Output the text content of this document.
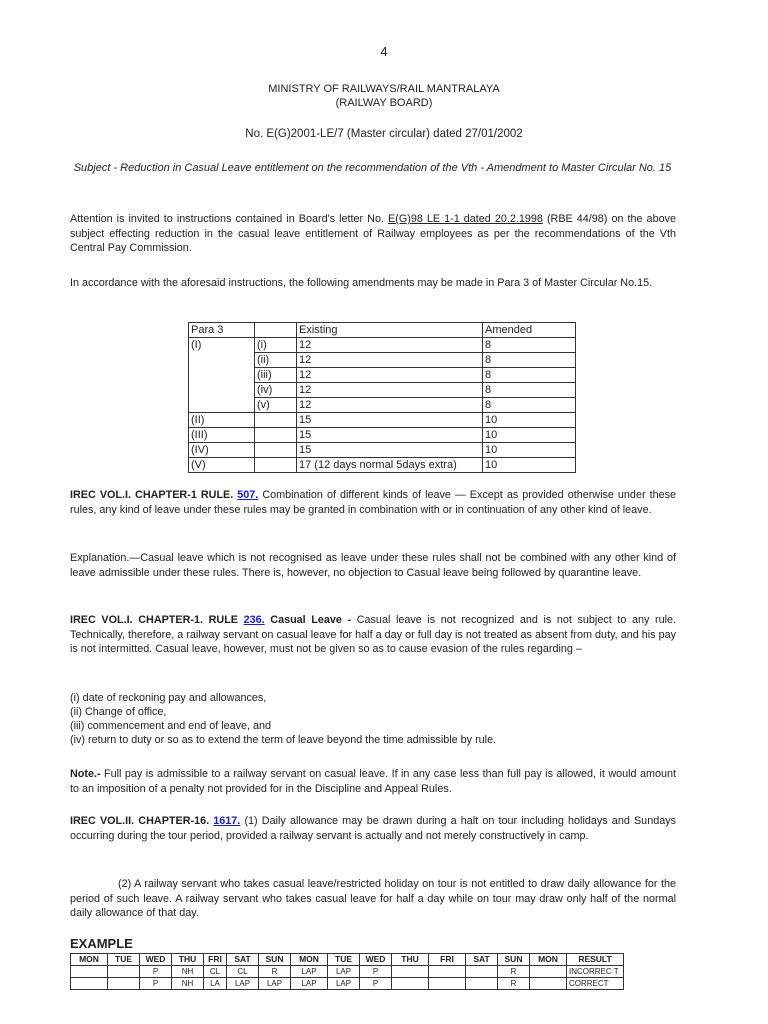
4
MINISTRY OF RAILWAYS/RAIL MANTRALAYA
(RAILWAY BOARD)
No. E(G)2001-LE/7 (Master circular) dated 27/01/2002
Subject - Reduction in Casual Leave entitlement on the recommendation of the Vth - Amendment to Master Circular No. 15
Attention is invited to instructions contained in Board's letter No. E(G)98 LE 1-1 dated 20.2.1998 (RBE 44/98) on the above subject effecting reduction in the casual leave entitlement of Railway employees as per the recommendations of the Vth Central Pay Commission.
In accordance with the aforesaid instructions, the following amendments may be made in Para 3 of Master Circular No.15.
Para 3		Existing	Amended
(I)	(i)	12	8
	(ii)	12	8
	(iii)	12	8
	(iv)	12	8
	(v)	12	8
(II)		15	10
(III)		15	10
(IV)		15	10
(V)		17 (12 days normal 5days extra)	10
IREC VOL.I. CHAPTER-1 RULE. 507. Combination of different kinds of leave — Except as provided otherwise under these rules, any kind of leave under these rules may be granted in combination with or in continuation of any other kind of leave.
Explanation.—Casual leave which is not recognised as leave under these rules shall not be combined with any other kind of leave admissible under these rules. There is, however, no objection to Casual leave being followed by quarantine leave.
IREC VOL.I. CHAPTER-1. RULE 236. Casual Leave - Casual leave is not recognized and is not subject to any rule. Technically, therefore, a railway servant on casual leave for half a day or full day is not treated as absent from duty, and his pay is not intermitted. Casual leave, however, must not be given so as to cause evasion of the rules regarding –
(i) date of reckoning pay and allowances,
(ii) Change of office,
(iii) commencement and end of leave, and
(iv) return to duty or so as to extend the term of leave beyond the time admissible by rule.
Note.- Full pay is admissible to a railway servant on casual leave. If in any case less than full pay is allowed, it would amount to an imposition of a penalty not provided for in the Discipline and Appeal Rules.
IREC VOL.II. CHAPTER-16. 1617. (1) Daily allowance may be drawn during a halt on tour including holidays and Sundays occurring during the tour period, provided a railway servant is actually and not merely constructively in camp.
(2) A railway servant who takes casual leave/restricted holiday on tour is not entitled to draw daily allowance for the period of such leave. A railway servant who takes casual leave for half a day while on tour may draw only half of the normal daily allowance of that day.
EXAMPLE
MON	TUE	WED	THU	FRI	SAT	SUN	MON	TUE	WED	THU	FRI	SAT	SUN	MON	RESULT
		P	NH	CL	CL	R	LAP	LAP	P				R		INCORREC T
		P	NH	LA	LAP	LAP	LAP	LAP	P				R		CORRECT
